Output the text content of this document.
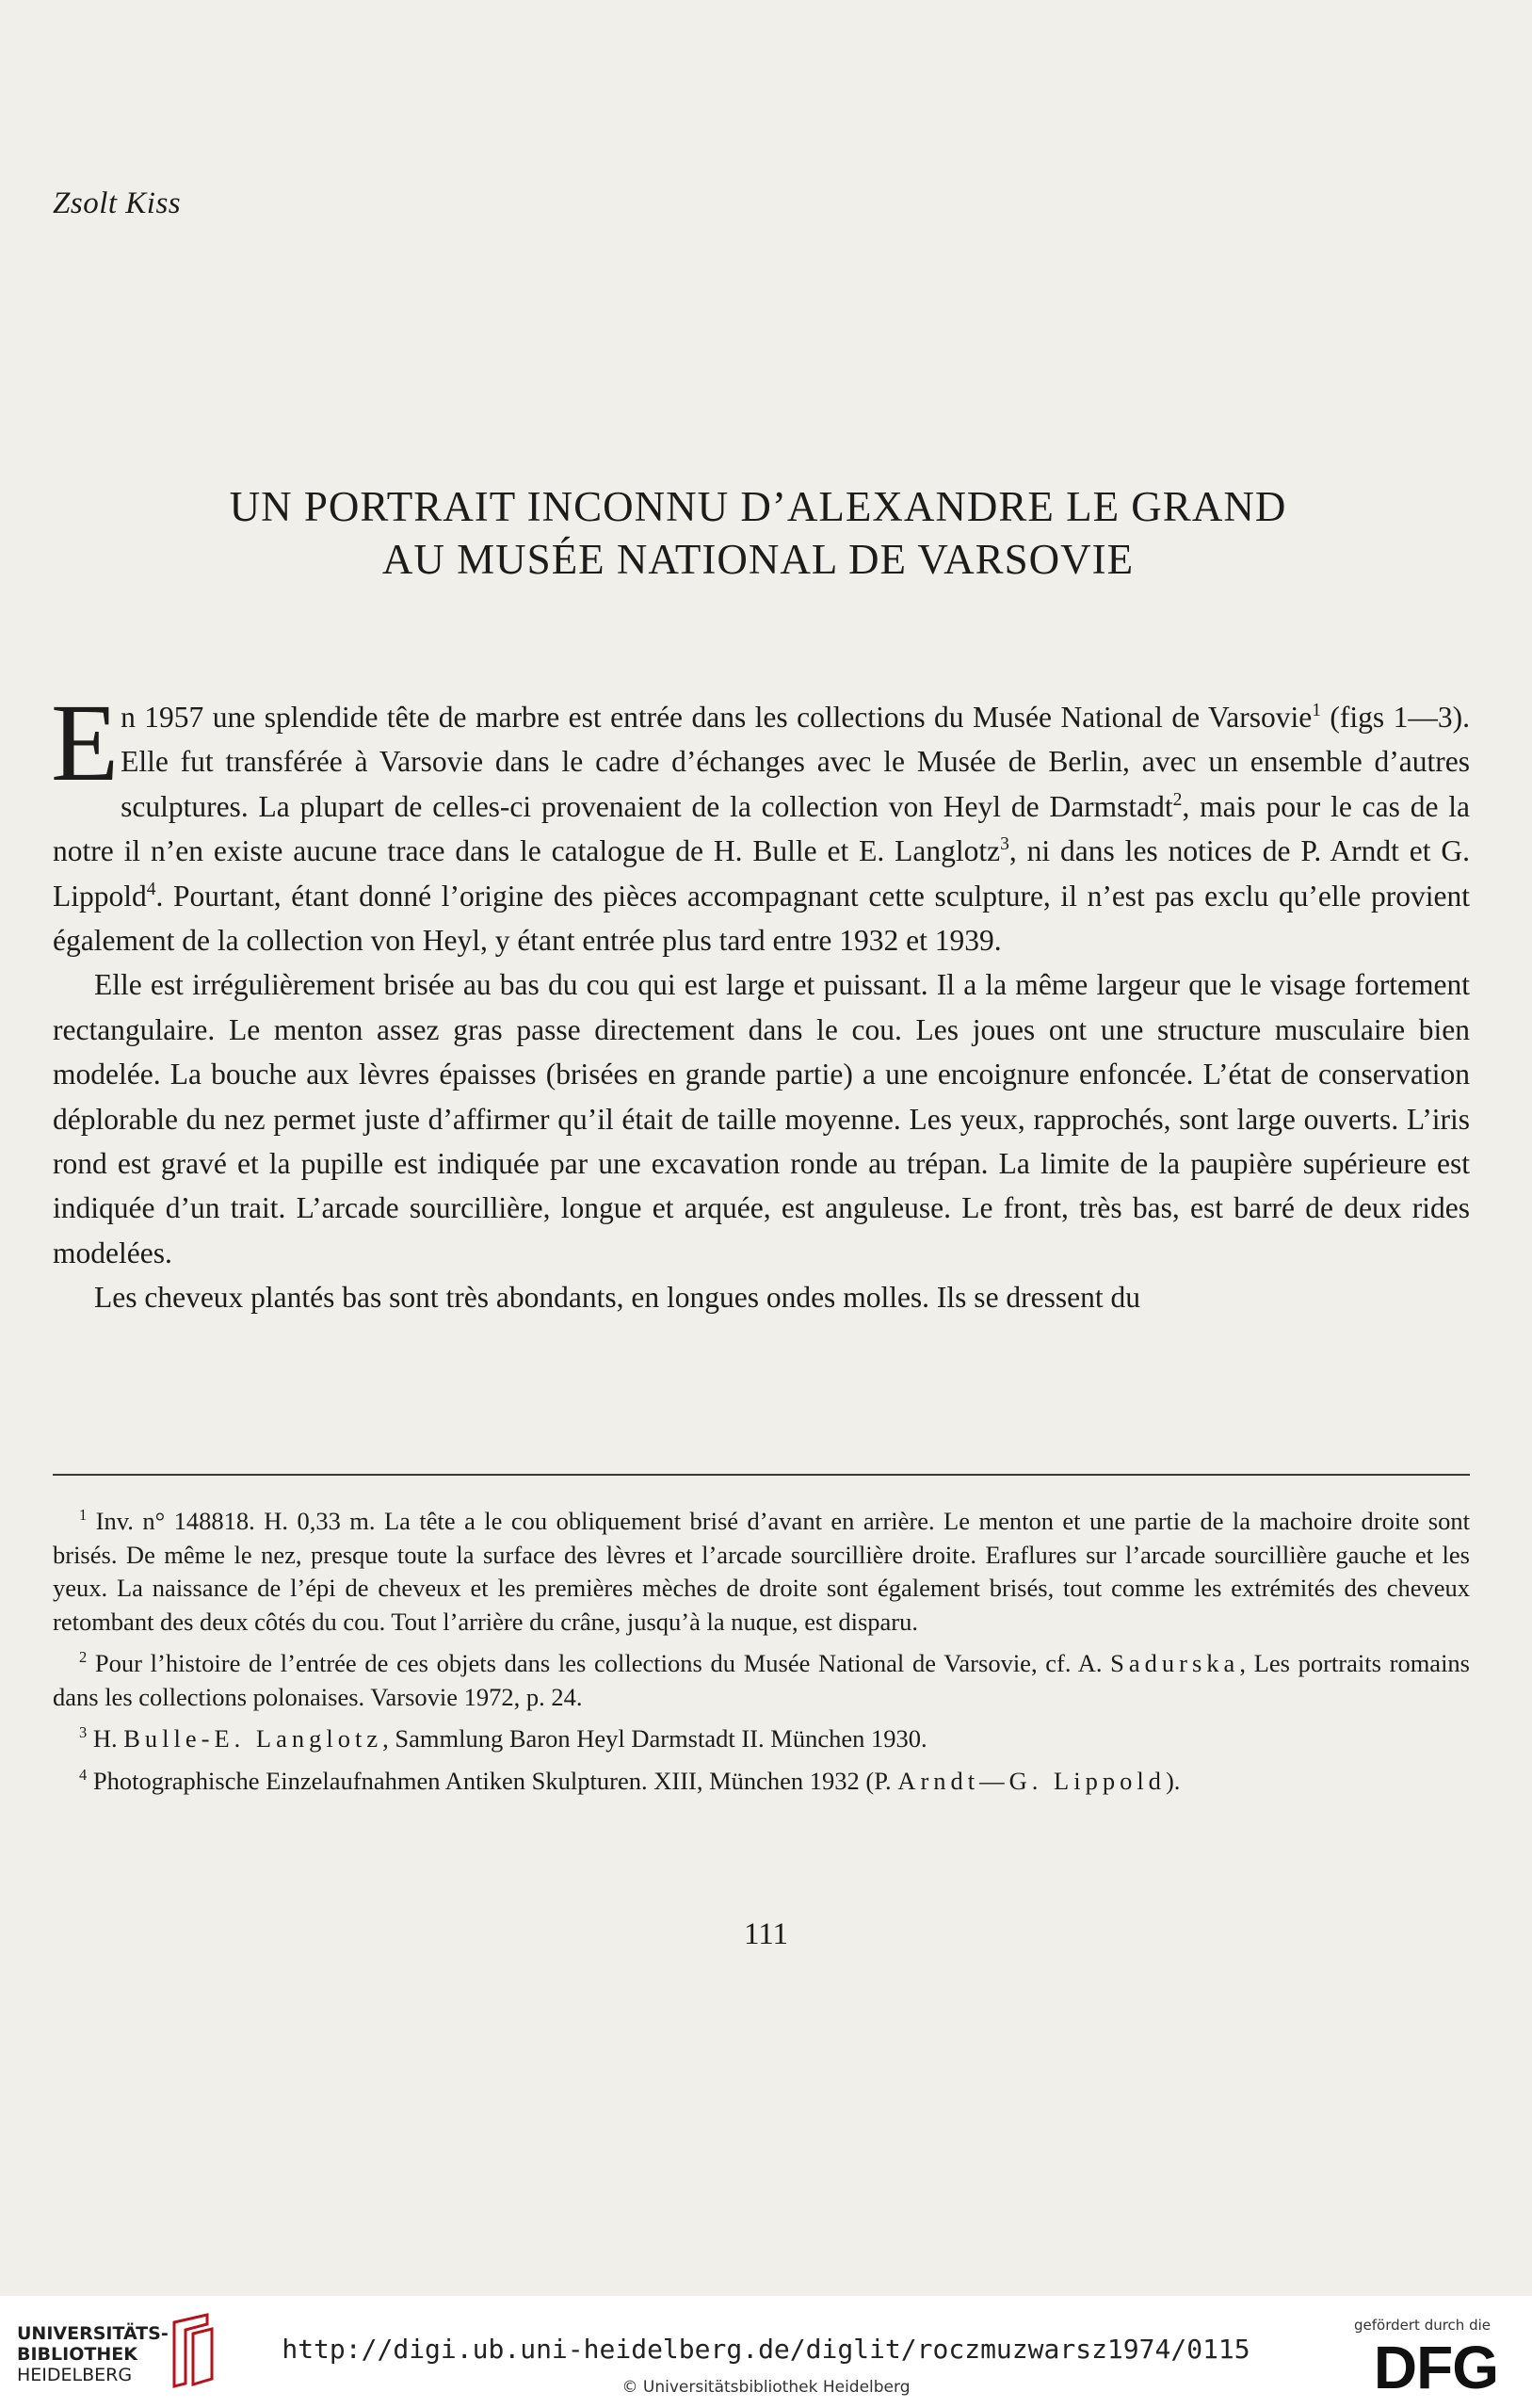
Zsolt Kiss
UN PORTRAIT INCONNU D’ALEXANDRE LE GRAND
AU MUSÉE NATIONAL DE VARSOVIE

En 1957 une splendide tête de marbre est entrée dans les collections du Musée National de Varsovie$^1$ (figs 1—3). Elle fut transférée à Varsovie dans le cadre d’échanges avec le Musée de Berlin, avec un ensemble d’autres sculptures. La plupart de celles-ci provenaient de la collection von Heyl de Darmstadt$^2$, mais pour le cas de la notre il n’en existe aucune trace dans le catalogue de H. Bulle et E. Langlotz$^3$, ni dans les notices de P. Arndt et G. Lippold$^4$. Pourtant, étant donné l’origine des pièces accompagnant cette sculpture, il n’est pas exclu qu’elle provient également de la collection von Heyl, y étant entrée plus tard entre 1932 et 1939.

Elle est irrégulièrement brisée au bas du cou qui est large et puissant. Il a la même largeur que le visage fortement rectangulaire. Le menton assez gras passe directement dans le cou. Les joues ont une structure musculaire bien modelée. La bouche aux lèvres épaisses (brisées en grande partie) a une encoignure enfoncée. L’état de conservation déplorable du nez permet juste d’affirmer qu’il était de taille moyenne. Les yeux, rapprochés, sont large ouverts. L’iris rond est gravé et la pupille est indiquée par une excavation ronde au trépan. La limite de la paupière supérieure est indiquée d’un trait. L’arcade sourcillière, longue et arquée, est anguleuse. Le front, très bas, est barré de deux rides modelées.

Les cheveux plantés bas sont très abondants, en longues ondes molles. Ils se dressent du

$^1$ Inv. n° 148818. H. 0,33 m. La tête a le cou obliquement brisé d’avant en arrière. Le menton et une partie de la machoire droite sont brisés. De même le nez, presque toute la surface des lèvres et l’arcade sourcillière droite. Eraflures sur l’arcade sourcillière gauche et les yeux. La naissance de l’épi de cheveux et les premières mèches de droite sont également brisés, tout comme les extrémités des cheveux retombant des deux côtés du cou. Tout l’arrière du crâne, jusqu’à la nuque, est disparu.

$^2$ Pour l’histoire de l’entrée de ces objets dans les collections du Musée National de Varsovie, cf. A. Sadurska, Les portraits romains dans les collections polonaises. Varsovie 1972, p. 24.

$^3$ H. Bulle-E. Langlotz, Sammlung Baron Heyl Darmstadt II. München 1930.

$^4$ Photographische Einzelaufnahmen Antiken Skulpturen. XIII, München 1932 (P. Arndt—G. Lippold).

111
UNIVERSITÄTS-
BIBLIOTHEK
HEIDELBERG
http://digi.ub.uni-heidelberg.de/diglit/roczmuzwarsz1974/0115
© Universitätsbibliothek Heidelberg
gefördert durch die
DFG
